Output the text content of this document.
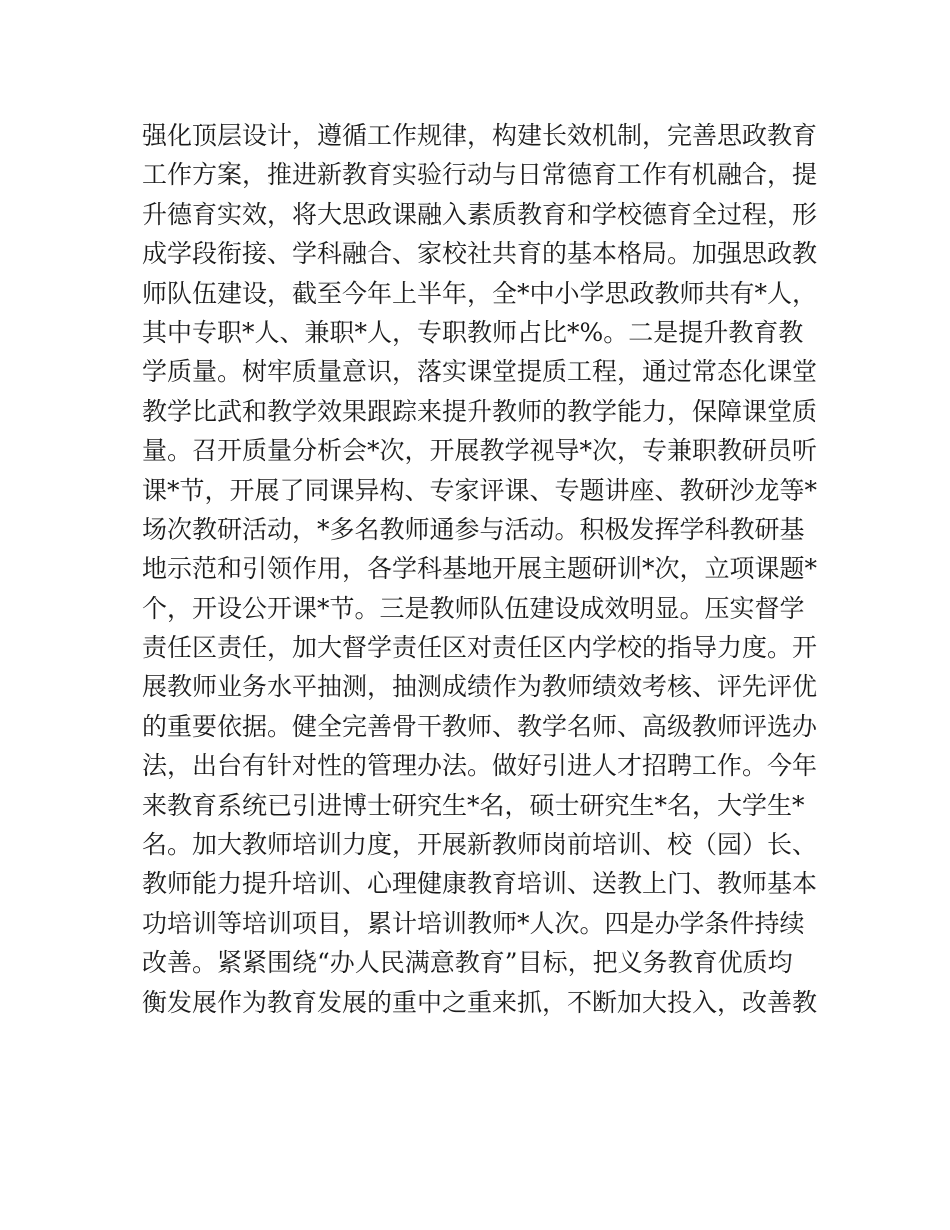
强化顶层设计，遵循工作规律，构建长效机制，完善思政教育
工作方案，推进新教育实验行动与日常德育工作有机融合，提
升德育实效，将大思政课融入素质教育和学校德育全过程，形
成学段衔接、学科融合、家校社共育的基本格局。加强思政教
师队伍建设，截至今年上半年，全*中小学思政教师共有*人，
其中专职*人、兼职*人，专职教师占比*%。二是提升教育教
学质量。树牢质量意识，落实课堂提质工程，通过常态化课堂
教学比武和教学效果跟踪来提升教师的教学能力，保障课堂质
量。召开质量分析会*次，开展教学视导*次，专兼职教研员听
课*节，开展了同课异构、专家评课、专题讲座、教研沙龙等*
场次教研活动，*多名教师通参与活动。积极发挥学科教研基
地示范和引领作用，各学科基地开展主题研训*次，立项课题*
个，开设公开课*节。三是教师队伍建设成效明显。压实督学
责任区责任，加大督学责任区对责任区内学校的指导力度。开
展教师业务水平抽测，抽测成绩作为教师绩效考核、评先评优
的重要依据。健全完善骨干教师、教学名师、高级教师评选办
法，出台有针对性的管理办法。做好引进人才招聘工作。今年
来教育系统已引进博士研究生*名，硕士研究生*名，大学生*
名。加大教师培训力度，开展新教师岗前培训、校（园）长、
教师能力提升培训、心理健康教育培训、送教上门、教师基本
功培训等培训项目，累计培训教师*人次。四是办学条件持续
改善。紧紧围绕“办人民满意教育”目标，把义务教育优质均
衡发展作为教育发展的重中之重来抓，不断加大投入，改善教
